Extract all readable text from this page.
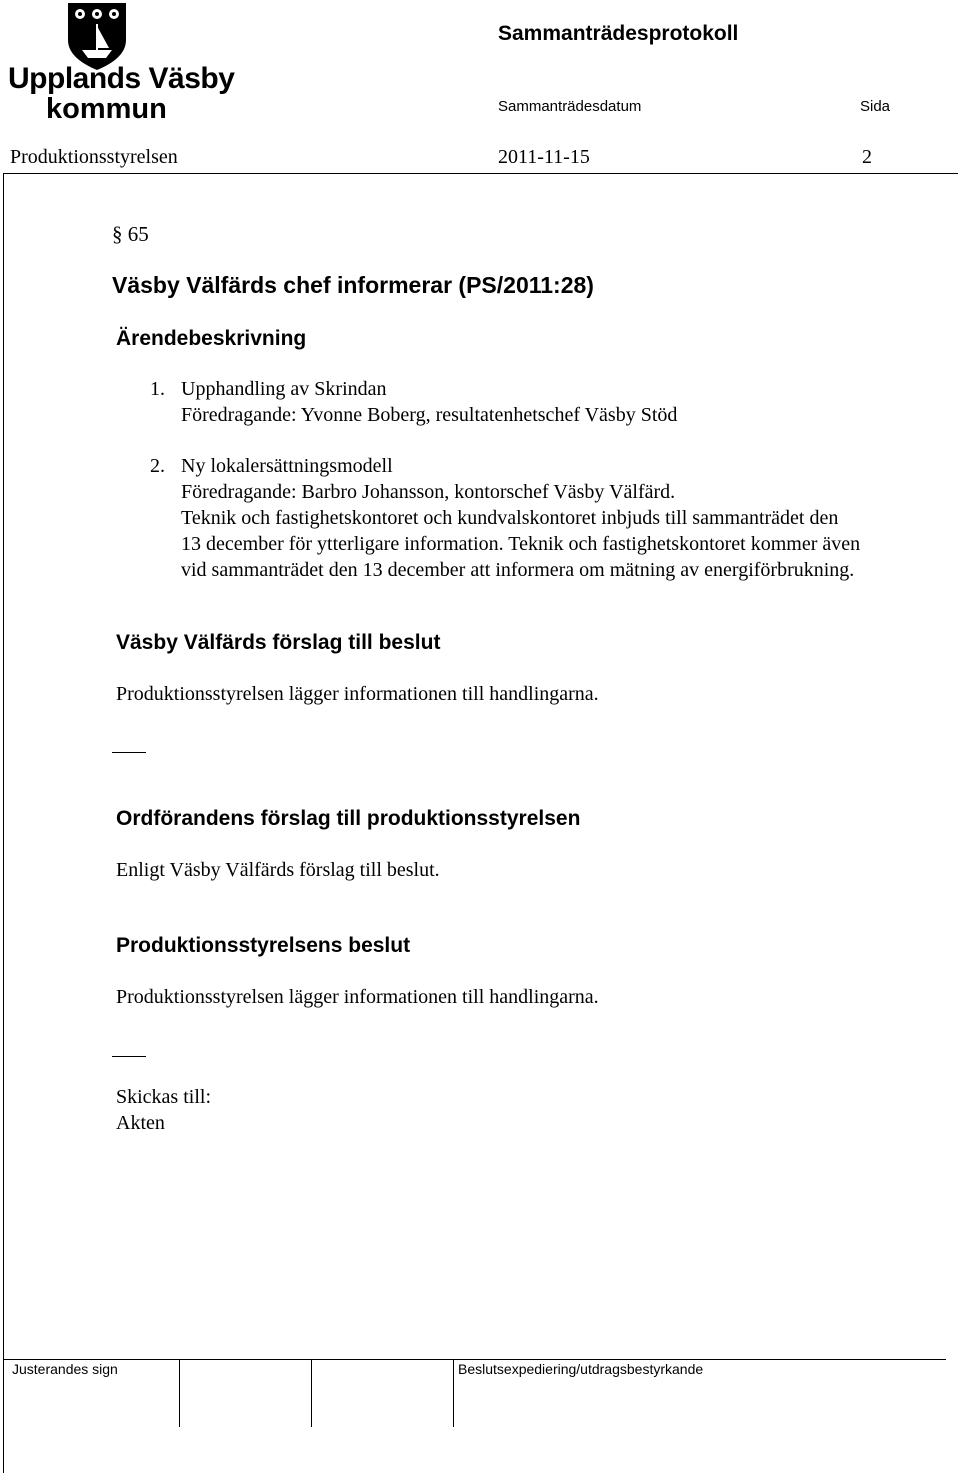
Upplands Väsby
kommun
Sammanträdesprotokoll
Sammanträdesdatum	Sida
Produktionsstyrelsen	2011-11-15	2
§ 65
Väsby Välfärds chef informerar (PS/2011:28)
Ärendebeskrivning
1. Upphandling av Skrindan
Föredragande: Yvonne Boberg, resultatenhetschef Väsby Stöd
2. Ny lokalersättningsmodell
Föredragande: Barbro Johansson, kontorschef Väsby Välfärd.
Teknik och fastighetskontoret och kundvalskontoret inbjuds till sammanträdet den
13 december för ytterligare information. Teknik och fastighetskontoret kommer även
vid sammanträdet den 13 december att informera om mätning av energiförbrukning.
Väsby Välfärds förslag till beslut
Produktionsstyrelsen lägger informationen till handlingarna.
Ordförandens förslag till produktionsstyrelsen
Enligt Väsby Välfärds förslag till beslut.
Produktionsstyrelsens beslut
Produktionsstyrelsen lägger informationen till handlingarna.
Skickas till:
Akten
Justerandes sign	Beslutsexpediering/utdragsbestyrkande
